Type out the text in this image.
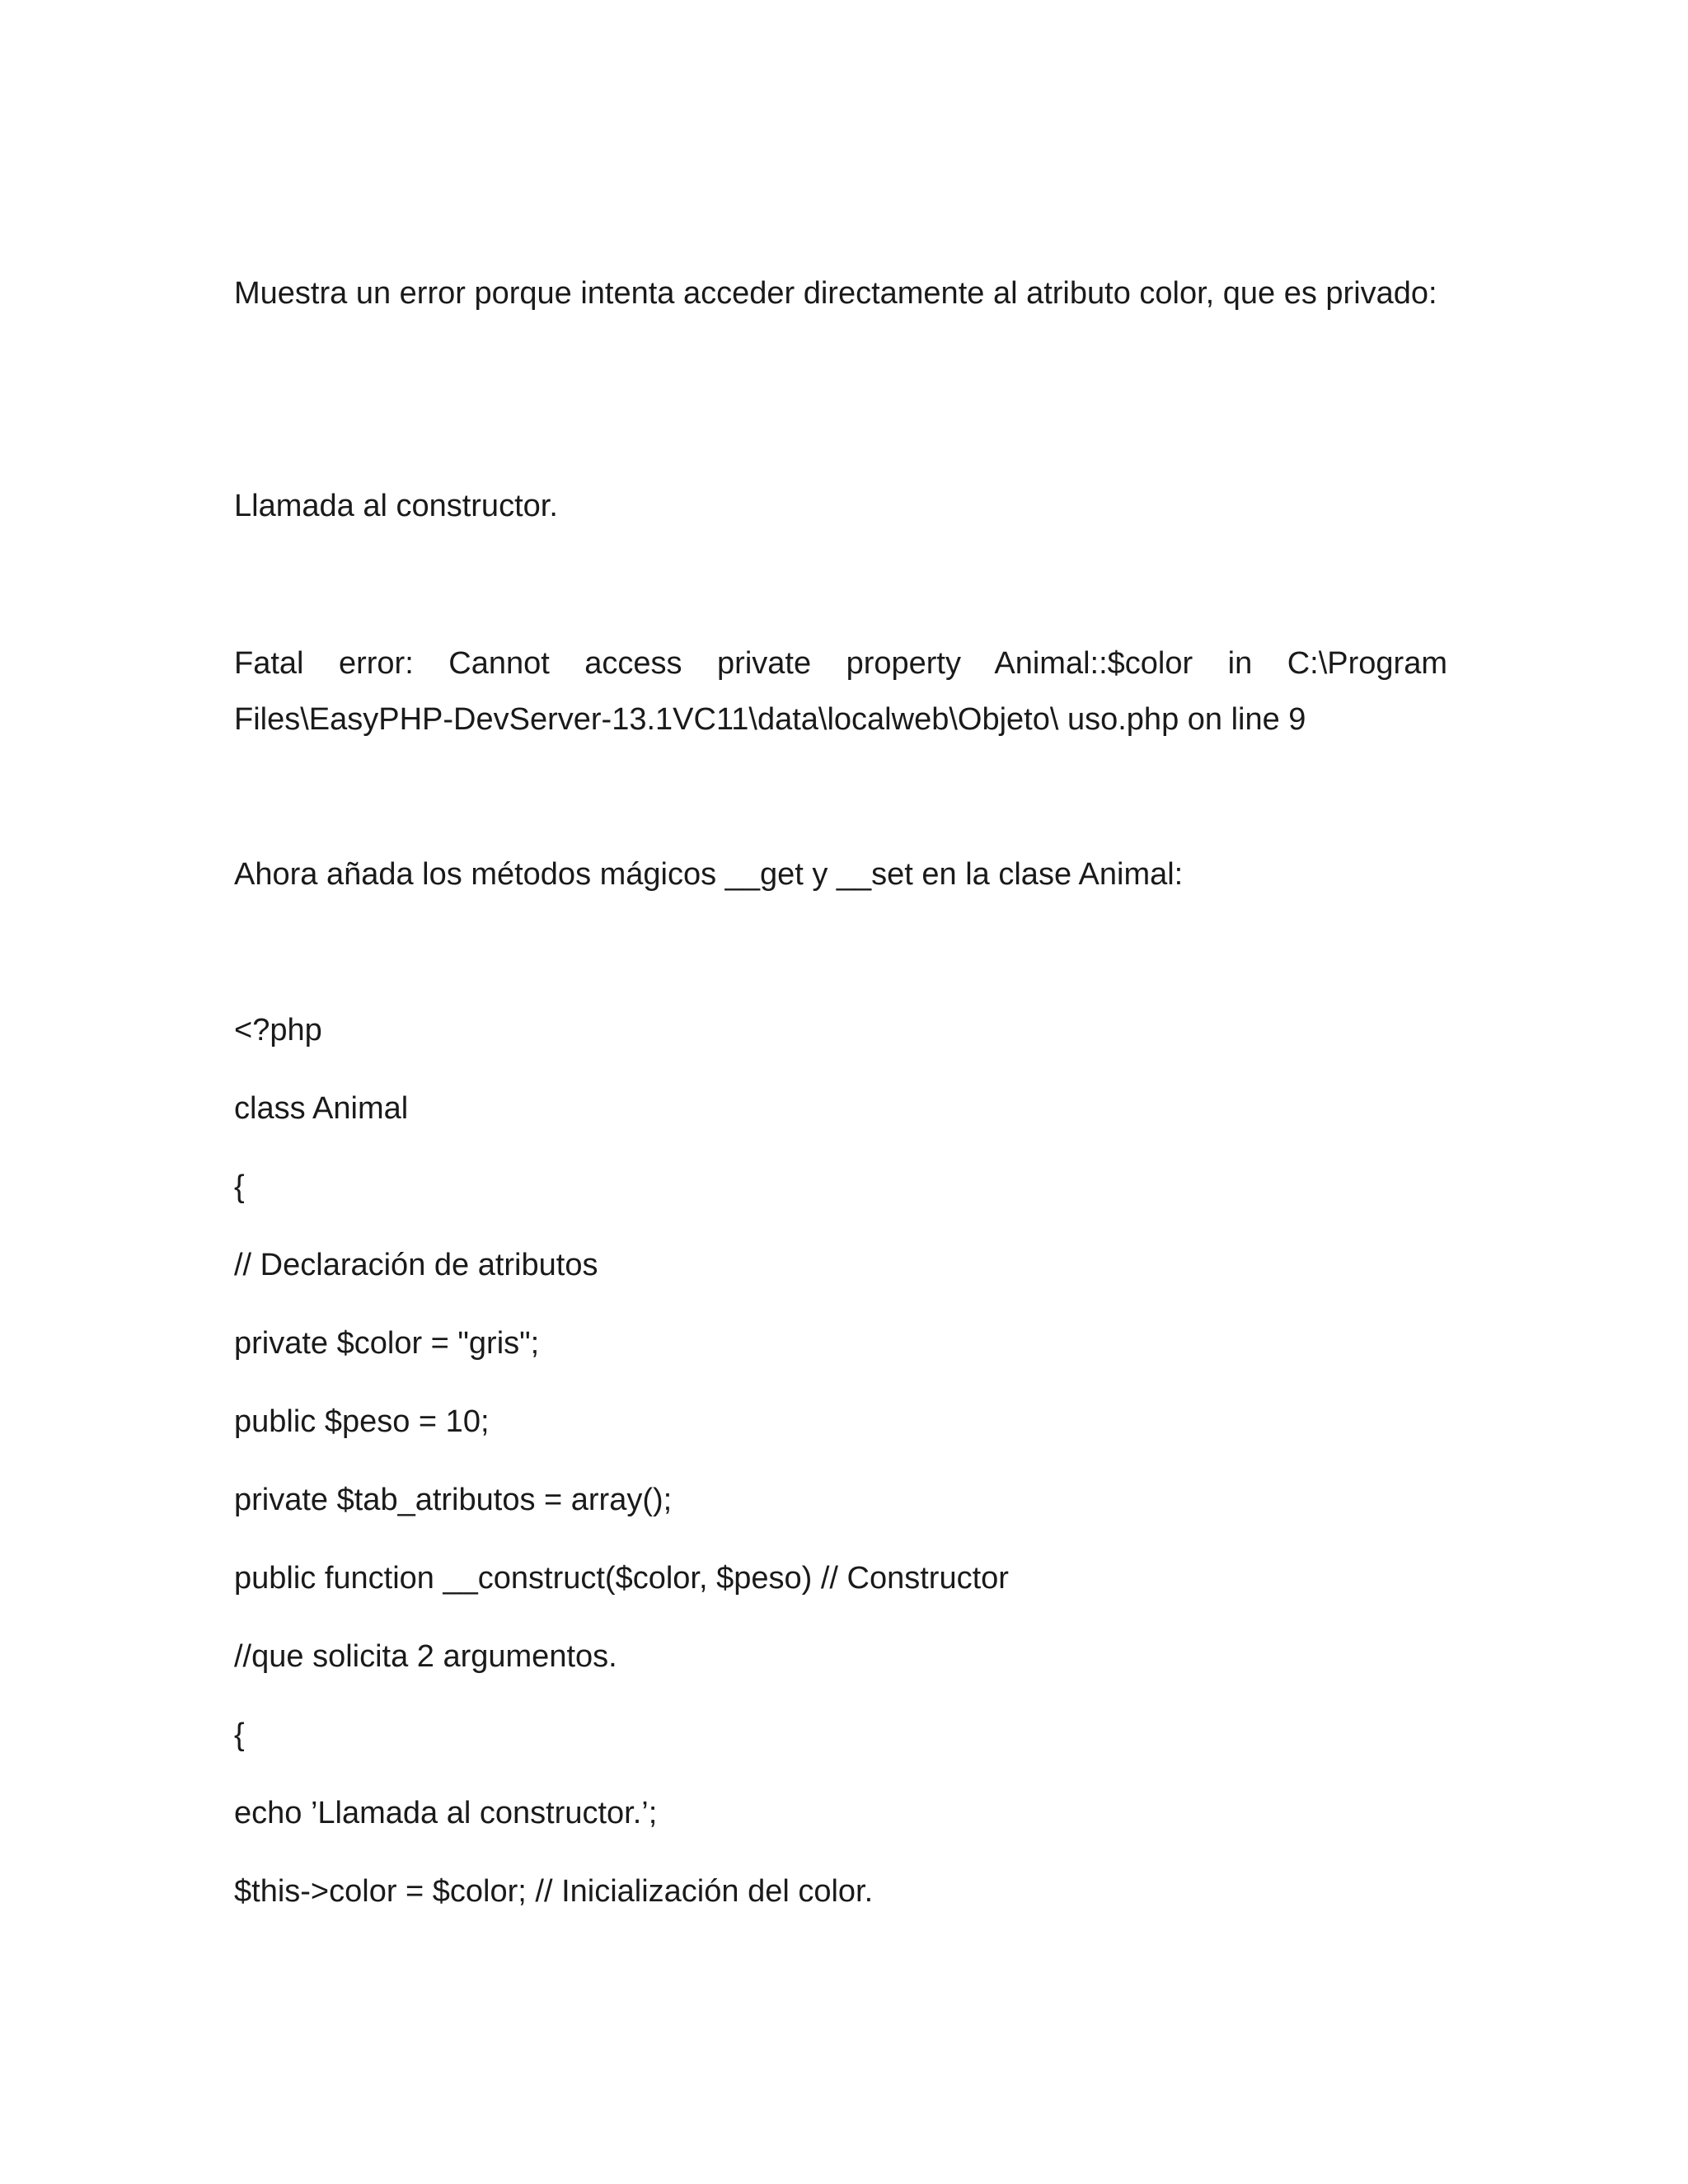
Muestra un error porque intenta acceder directamente al atributo color, que es privado:
Llamada al constructor.
Fatal error: Cannot access private property Animal::$color in C:\Program Files\EasyPHP-DevServer-13.1VC11\data\localweb\Objeto\ uso.php on line 9
Ahora añada los métodos mágicos __get y __set en la clase Animal:
<?php
class Animal
{
// Declaración de atributos
private $color = "gris";
public $peso = 10;
private $tab_atributos = array();
public function __construct($color, $peso) // Constructor
//que solicita 2 argumentos.
{
echo ’Llamada al constructor.’;
$this->color = $color; // Inicialización del color.
